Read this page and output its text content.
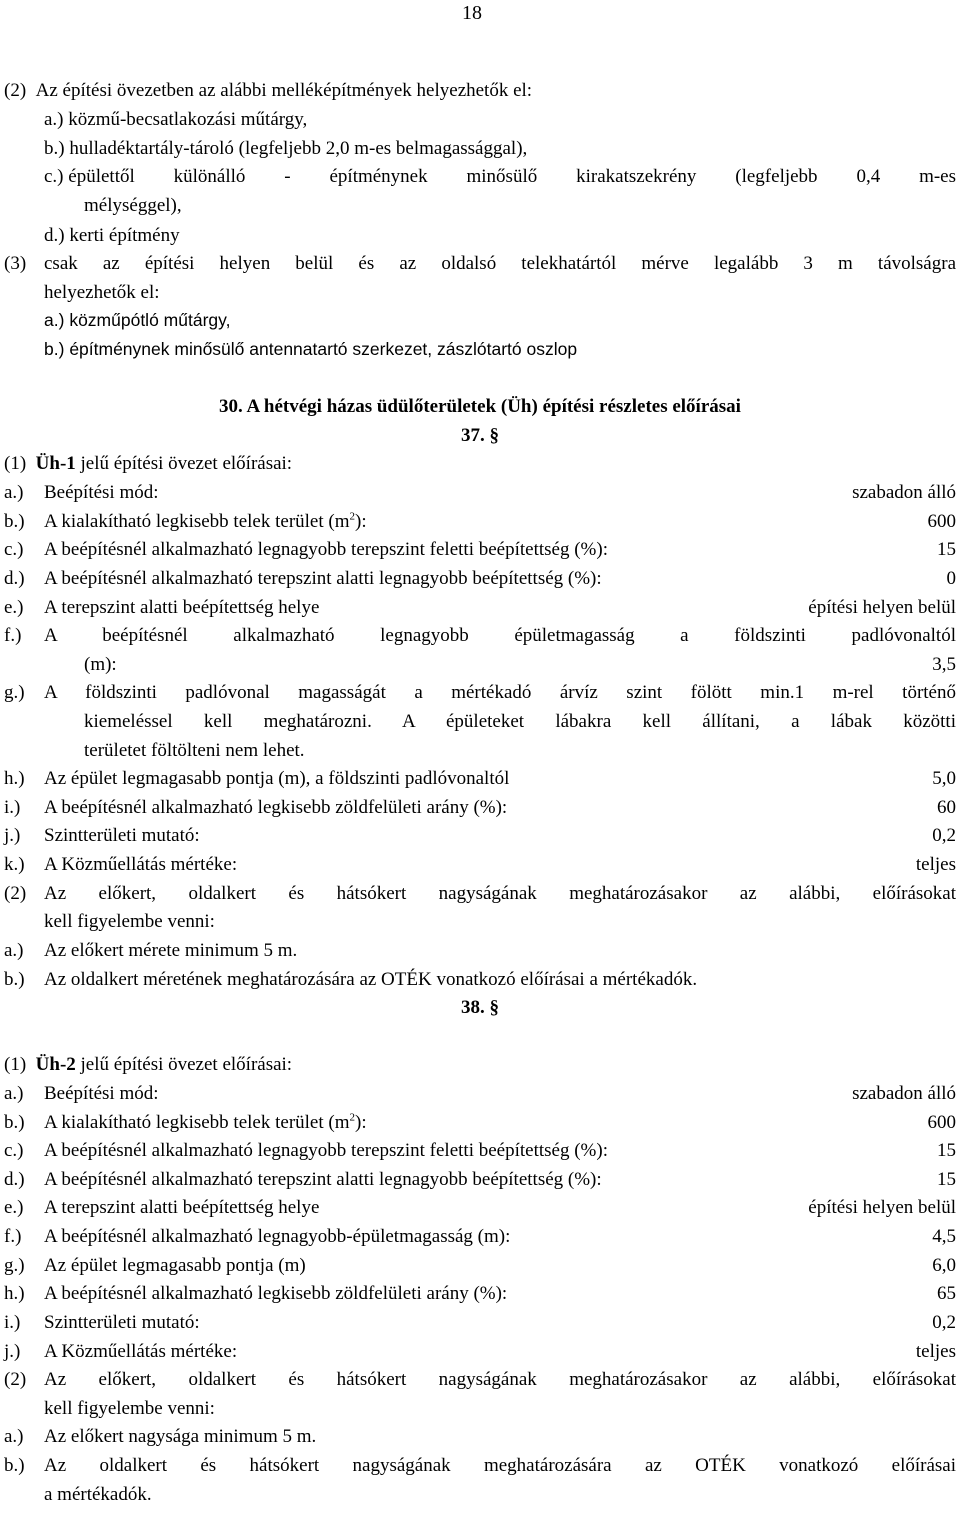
18
(2) Az építési övezetben az alábbi melléképítmények helyezhetők el:
a.) közmű-becsatlakozási műtárgy,
b.) hulladéktartály-tároló (legfeljebb 2,0 m-es belmagassággal),
c.) épülettől különálló - építménynek minősülő kirakatszekrény (legfeljebb 0,4 m-es
mélységgel),
d.) kerti építmény
(3) csak az építési helyen belül és az oldalsó telekhatártól mérve legalább 3 m távolságra
helyezhetők el:
a.) közműpótló műtárgy,
b.) építménynek minősülő antennatartó szerkezet, zászlótartó oszlop
30. A hétvégi házas üdülőterületek (Üh) építési részletes előírásai
37. §
(1) Üh-1 jelű építési övezet előírásai:
a.)	Beépítési mód:	szabadon álló
b.)	A kialakítható legkisebb telek terület $(m^2)$:	600
c.)	A beépítésnél alkalmazható legnagyobb terepszint feletti beépítettség (%):	15
d.)	A beépítésnél alkalmazható terepszint alatti legnagyobb beépítettség (%):	0
e.)	A terepszint alatti beépítettség helye	építési helyen belül
f.)	A beépítésnél alkalmazható legnagyobb épületmagasság a földszinti padlóvonaltól
(m):	3,5
g.)	A földszinti padlóvonal magasságát a mértékadó árvíz szint fölött min.1 m-rel történő
kiemeléssel kell meghatározni. A épületeket lábakra kell állítani, a lábak közötti
területet föltölteni nem lehet.
h.)	Az épület legmagasabb pontja (m), a földszinti padlóvonaltól	5,0
i.)	A beépítésnél alkalmazható legkisebb zöldfelületi arány (%):	60
j.)	Szintterületi mutató:	0,2
k.)	A Közműellátás mértéke:	teljes
(2) Az előkert, oldalkert és hátsókert nagyságának meghatározásakor az alábbi, előírásokat
kell figyelembe venni:
a.) Az előkert mérete minimum 5 m.
b.) Az oldalkert méretének meghatározására az OTÉK vonatkozó előírásai a mértékadók.
38. §
(1) Üh-2 jelű építési övezet előírásai:
a.)	Beépítési mód:	szabadon álló
b.)	A kialakítható legkisebb telek terület $(m^2)$:	600
c.)	A beépítésnél alkalmazható legnagyobb terepszint feletti beépítettség (%):	15
d.)	A beépítésnél alkalmazható terepszint alatti legnagyobb beépítettség (%):	15
e.)	A terepszint alatti beépítettség helye	építési helyen belül
f.)	A beépítésnél alkalmazható legnagyobb-épületmagasság (m):	4,5
g.)	Az épület legmagasabb pontja (m)	6,0
h.)	A beépítésnél alkalmazható legkisebb zöldfelületi arány (%):	65
i.)	Szintterületi mutató:	0,2
j.)	A Közműellátás mértéke:	teljes
(2) Az előkert, oldalkert és hátsókert nagyságának meghatározásakor az alábbi, előírásokat
kell figyelembe venni:
a.) Az előkert nagysága minimum 5 m.
b.)	Az oldalkert és hátsókert nagyságának meghatározására az OTÉK vonatkozó előírásai
a mértékadók.
